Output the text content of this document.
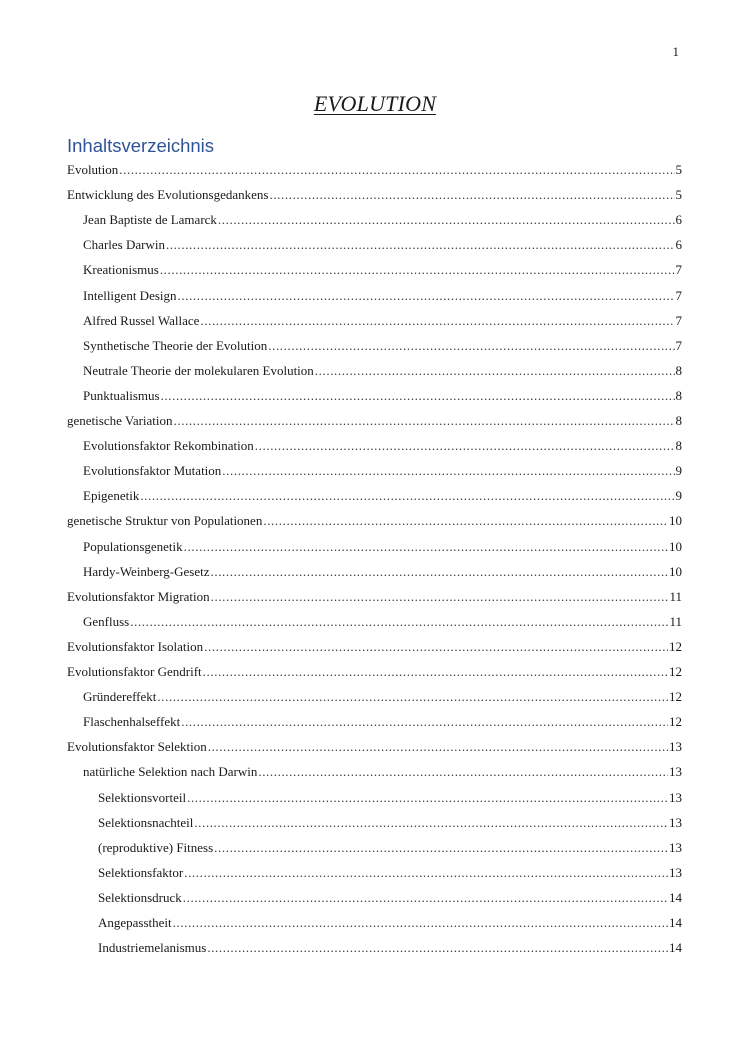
1
EVOLUTION
Inhaltsverzeichnis
Evolution .....	5
Entwicklung des Evolutionsgedankens .....	5
Jean Baptiste de Lamarck .....	6
Charles Darwin .....	6
Kreationismus .....	7
Intelligent Design .....	7
Alfred Russel Wallace .....	7
Synthetische Theorie der Evolution .....	7
Neutrale Theorie der molekularen Evolution .....	8
Punktualismus .....	8
genetische Variation .....	8
Evolutionsfaktor Rekombination .....	8
Evolutionsfaktor Mutation .....	9
Epigenetik .....	9
genetische Struktur von Populationen .....	10
Populationsgenetik .....	10
Hardy-Weinberg-Gesetz .....	10
Evolutionsfaktor Migration .....	11
Genfluss .....	11
Evolutionsfaktor Isolation .....	12
Evolutionsfaktor Gendrift .....	12
Gründereffekt .....	12
Flaschenhalseffekt .....	12
Evolutionsfaktor Selektion .....	13
natürliche Selektion nach Darwin .....	13
Selektionsvorteil .....	13
Selektionsnachteil .....	13
(reproduktive) Fitness .....	13
Selektionsfaktor .....	13
Selektionsdruck .....	14
Angepasstheit .....	14
Industriemelanismus .....	14
